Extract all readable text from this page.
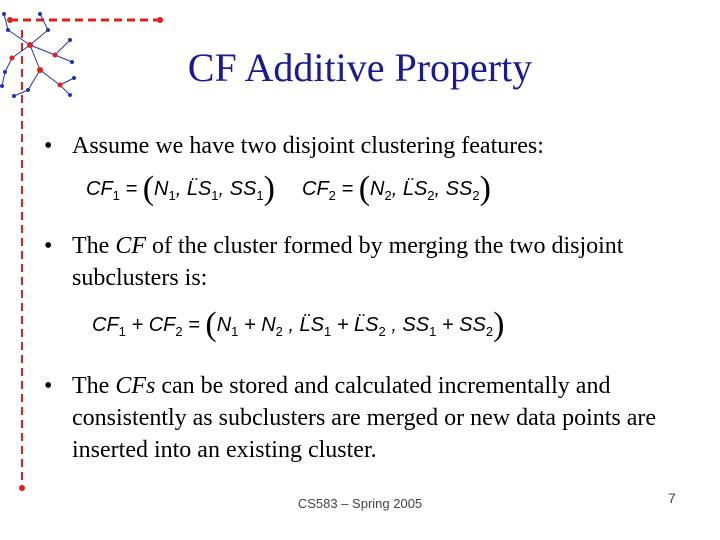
CF Additive Property
• Assume we have two disjoint clustering features:
$CF_1 = (N_1$, $L̈S_1$, $SS_1$) $CF_2 = (N_2$, $L̈S_2$, $SS_2$)
• The CF of the cluster formed by merging the two disjoint subclusters is:
$CF_1 + CF_2 = (N_1 + N_2$ , $L̈S_1$ + $L̈S_2$ , $SS_1 + SS_2$)
• The CFs can be stored and calculated incrementally and consistently as subclusters are merged or new data points are inserted into an existing cluster.
CS583 – Spring 2005	7
